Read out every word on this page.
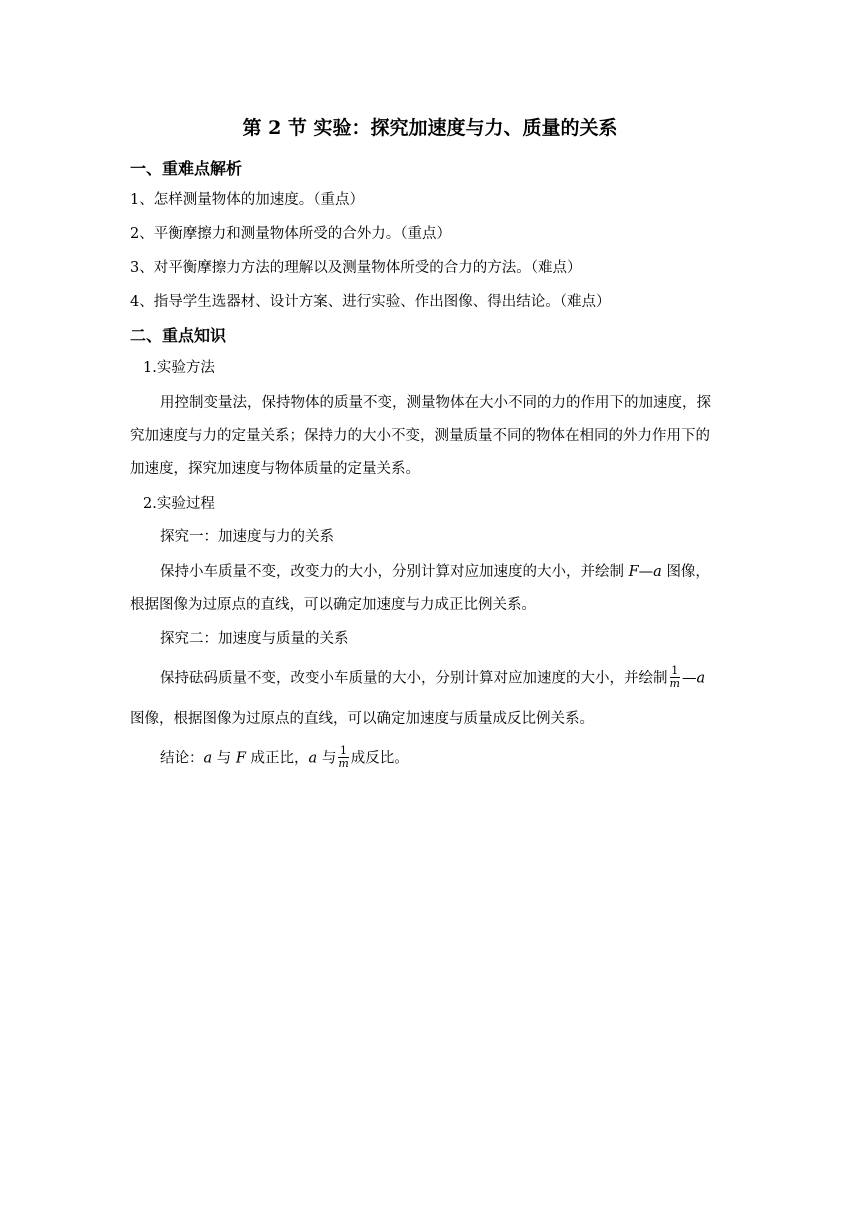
第 2 节 实验：探究加速度与力、质量的关系
一、重难点解析
1、怎样测量物体的加速度。（重点）
2、平衡摩擦力和测量物体所受的合外力。（重点）
3、对平衡摩擦力方法的理解以及测量物体所受的合力的方法。（难点）
4、指导学生选器材、设计方案、进行实验、作出图像、得出结论。（难点）
二、重点知识
1.实验方法
用控制变量法，保持物体的质量不变，测量物体在大小不同的力的作用下的加速度，探
究加速度与力的定量关系；保持力的大小不变，测量质量不同的物体在相同的外力作用下的
加速度，探究加速度与物体质量的定量关系。
2.实验过程
探究一：加速度与力的关系
保持小车质量不变，改变力的大小，分别计算对应加速度的大小，并绘制 F—a 图像，
根据图像为过原点的直线，可以确定加速度与力成正比例关系。
探究二：加速度与质量的关系
保持砝码质量不变，改变小车质量的大小，分别计算对应加速度的大小，并绘制 $\frac{1}{m}$ —a
图像，根据图像为过原点的直线，可以确定加速度与质量成反比例关系。
结论：a 与 F 成正比，a 与 $\frac{1}{m}$ 成反比。
